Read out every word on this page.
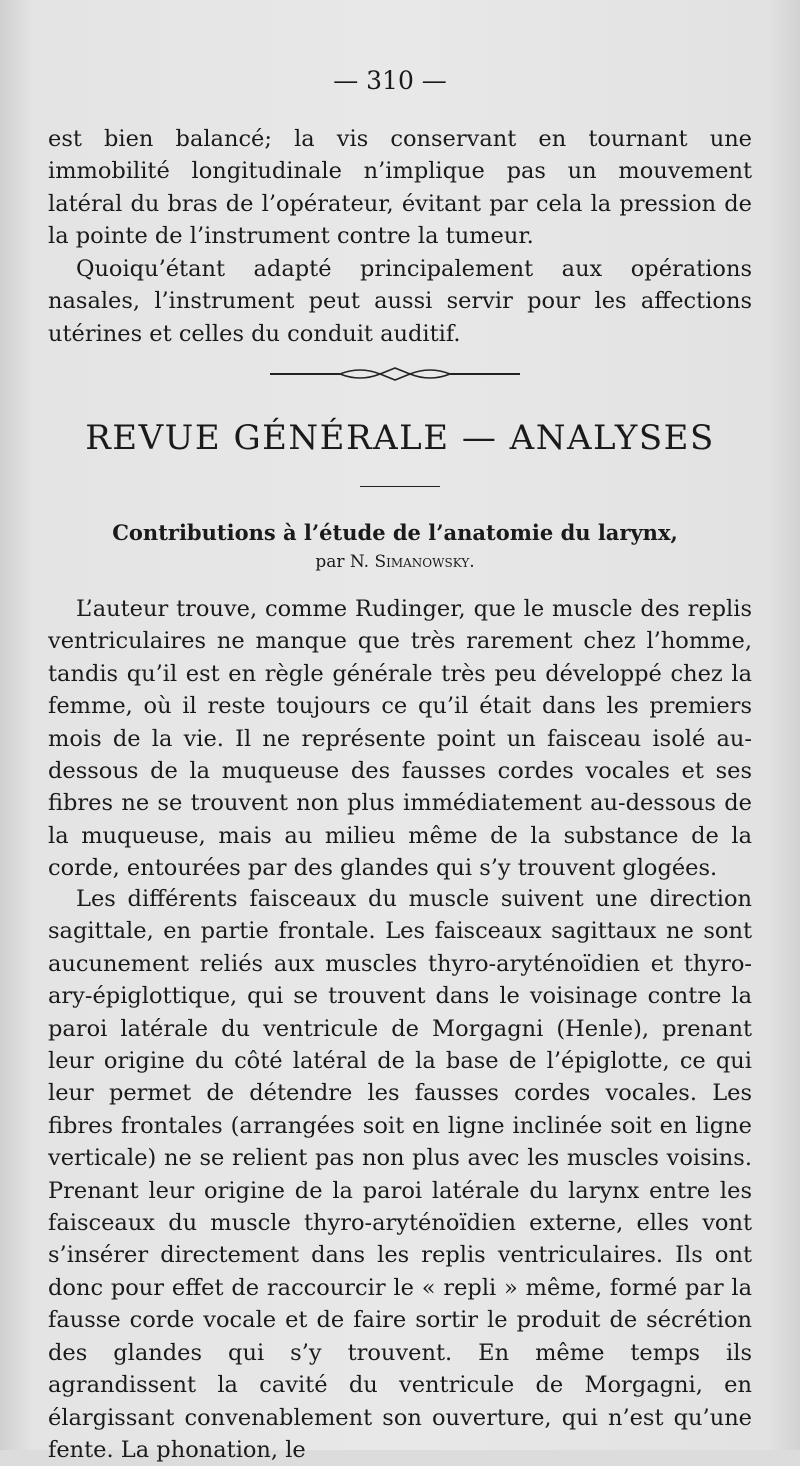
— 310 —

est bien balancé; la vis conservant en tournant une immobilité longitudinale n’implique pas un mouvement latéral du bras de l’opérateur, évitant par cela la pression de la pointe de l’instrument contre la tumeur.

Quoiqu’étant adapté principalement aux opérations nasales, l’instrument peut aussi servir pour les affections utérines et celles du conduit auditif.

REVUE GÉNÉRALE — ANALYSES
Contributions à l’étude de l’anatomie du larynx,
par N. Simanowsky.

L’auteur trouve, comme Rudinger, que le muscle des replis ventriculaires ne manque que très rarement chez l’homme, tandis qu’il est en règle générale très peu développé chez la femme, où il reste toujours ce qu’il était dans les premiers mois de la vie. Il ne représente point un faisceau isolé au-dessous de la muqueuse des fausses cordes vocales et ses fibres ne se trouvent non plus immédiatement au-dessous de la muqueuse, mais au milieu même de la substance de la corde, entourées par des glandes qui s’y trouvent glogées.

Les différents faisceaux du muscle suivent une direction sagittale, en partie frontale. Les faisceaux sagittaux ne sont aucunement reliés aux muscles thyro-aryténoïdien et thyro-ary-épiglottique, qui se trouvent dans le voisinage contre la paroi latérale du ventricule de Morgagni (Henle), prenant leur origine du côté latéral de la base de l’épiglotte, ce qui leur permet de détendre les fausses cordes vocales. Les fibres frontales (arrangées soit en ligne inclinée soit en ligne verticale) ne se relient pas non plus avec les muscles voisins. Prenant leur origine de la paroi latérale du larynx entre les faisceaux du muscle thyro-aryténoïdien externe, elles vont s’insérer directement dans les replis ventriculaires. Ils ont donc pour effet de raccourcir le « repli » même, formé par la fausse corde vocale et de faire sortir le produit de sécrétion des glandes qui s’y trouvent. En même temps ils agrandissent la cavité du ventricule de Morgagni, en élargissant convenablement son ouverture, qui n’est qu’une fente. La phonation, le
